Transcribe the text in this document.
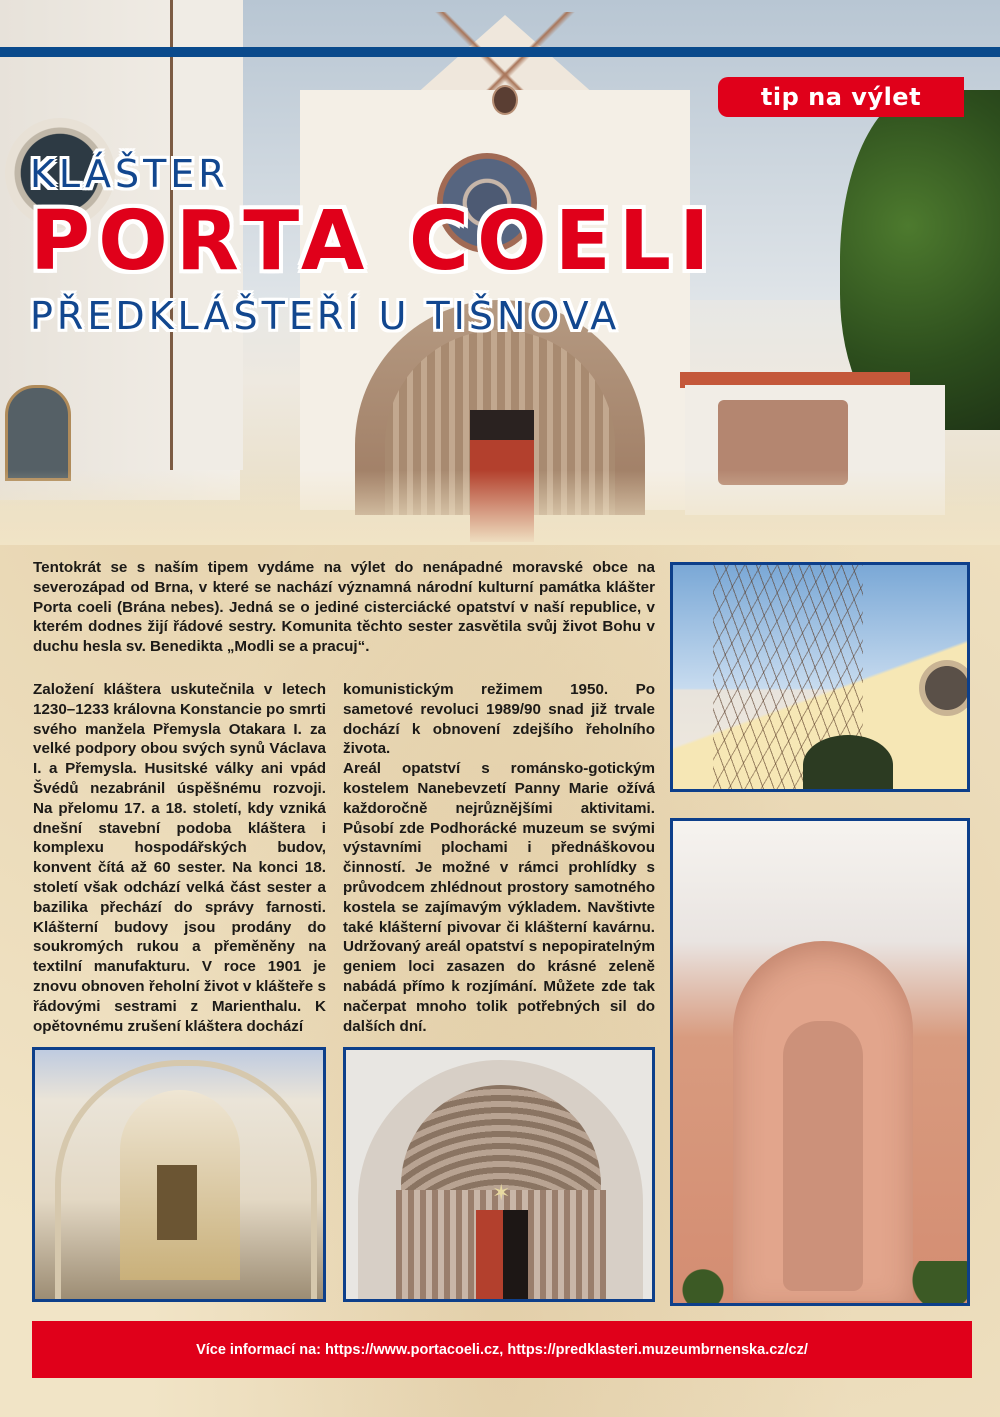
tip na výlet
KLÁŠTER
PORTA COELI
PŘEDKLÁŠTEŘÍ U TIŠNOVA

Tentokrát se s naším tipem vydáme na výlet do nenápadné moravské obce na severozápad od Brna, v které se nachází významná národní kulturní památka klášter Porta coeli (Brána nebes). Jedná se o jediné cisterciácké opatství v naší republice, v kterém dodnes žijí řádové sestry. Komunita těchto sester zasvětila svůj život Bohu v duchu hesla sv. Benedikta „Modli se a pracuj“.

Založení kláštera uskutečnila v letech 1230–1233 královna Konstancie po smrti svého manžela Přemysla Otakara I. za velké podpory obou svých synů Václava I. a Přemysla. Husitské války ani vpád Švédů nezabránil úspěšnému rozvoji. Na přelomu 17. a 18. století, kdy vzniká dnešní stavební podoba kláštera i komplexu hospodářských budov, konvent čítá až 60 sester. Na konci 18. století však odchází velká část sester a bazilika přechází do správy farnosti. Klášterní budovy jsou prodány do soukromých rukou a přeměněny na textilní manufakturu. V roce 1901 je znovu obnoven řeholní život v klášteře s řádovými sestrami z Marienthalu. K opětovnému zrušení kláštera dochází

komunistickým režimem 1950. Po sametové revoluci 1989/90 snad již trvale dochází k obnovení zdejšího řeholního života.

Areál opatství s románsko-gotickým kostelem Nanebevzetí Panny Marie ožívá každoročně nejrůznějšími aktivitami. Působí zde Podhorácké muzeum se svými výstavními plochami i přednáškovou činností. Je možné v rámci prohlídky s průvodcem zhlédnout prostory samotného kostela se zajímavým výkladem. Navštivte také klášterní pivovar či klášterní kavárnu. Udržovaný areál opatství s nepopiratelným geniem loci zasazen do krásné zeleně nabádá přímo k rozjímání. Můžete zde tak načerpat mnoho tolik potřebných sil do dalších dní.

✶
Více informací na: https://www.portacoeli.cz, https://predklasteri.muzeumbrnenska.cz/cz/
